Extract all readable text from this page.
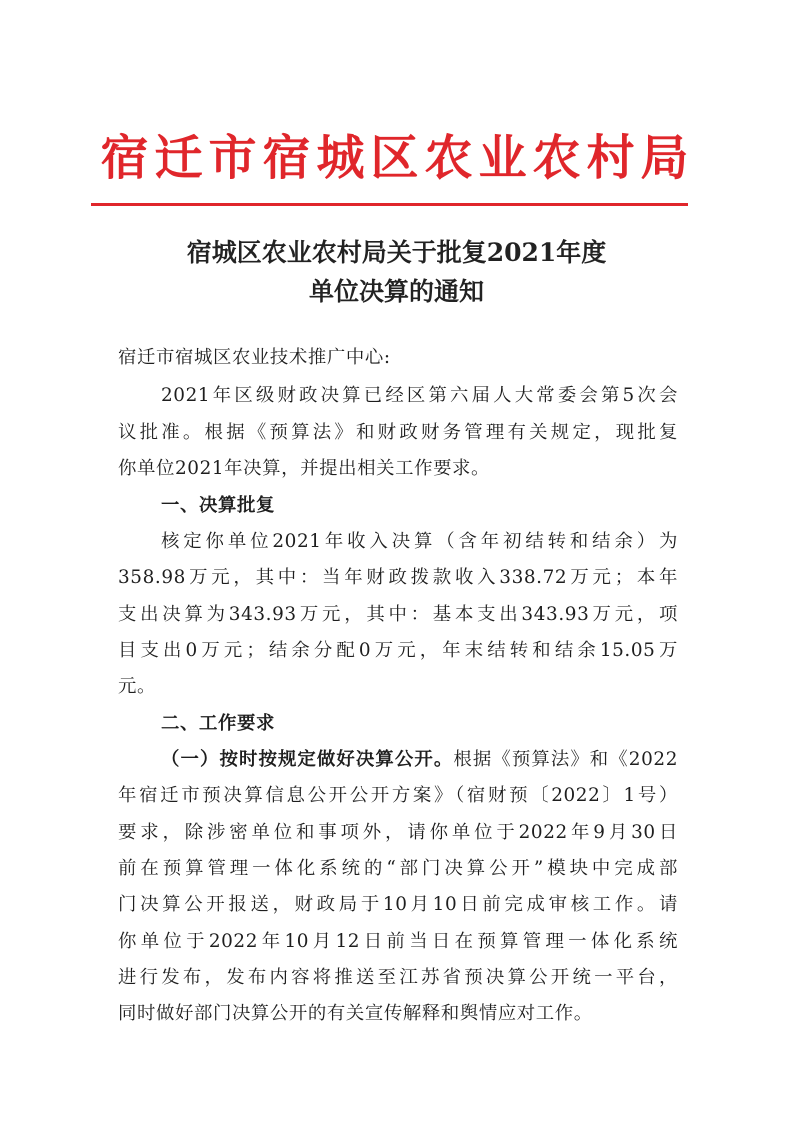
宿迁市宿城区农业农村局
宿城区农业农村局关于批复2021年度
单位决算的通知
宿迁市宿城区农业技术推广中心:
2021年区级财政决算已经区第六届人大常委会第5次会
议批准。根据《预算法》和财政财务管理有关规定，现批复
你单位2021年决算，并提出相关工作要求。
一、决算批复
核定你单位2021年收入决算（含年初结转和结余）为
358.98万元，其中：当年财政拨款收入338.72万元；本年
支出决算为343.93万元，其中：基本支出343.93万元，项
目支出0万元；结余分配0万元，年末结转和结余15.05万
元。
二、工作要求
（一）按时按规定做好决算公开。根据《预算法》和《2022
年宿迁市预决算信息公开公开方案》（宿财预〔2022〕1号）
要求，除涉密单位和事项外，请你单位于2022年9月30日
前在预算管理一体化系统的“部门决算公开”模块中完成部
门决算公开报送，财政局于10月10日前完成审核工作。请
你单位于2022年10月12日前当日在预算管理一体化系统
进行发布，发布内容将推送至江苏省预决算公开统一平台，
同时做好部门决算公开的有关宣传解释和舆情应对工作。
